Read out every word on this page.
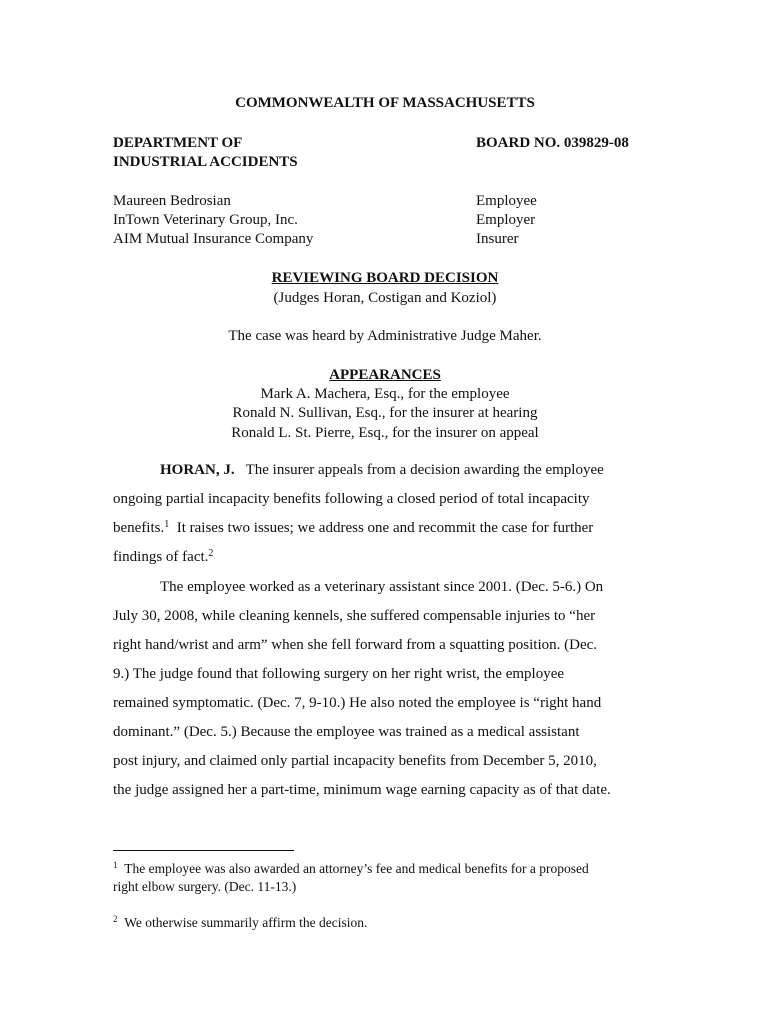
COMMONWEALTH OF MASSACHUSETTS
DEPARTMENT OF
INDUSTRIAL ACCIDENTS
BOARD NO. 039829-08
Maureen Bedrosian	Employee
InTown Veterinary Group, Inc.	Employer
AIM Mutual Insurance Company	Insurer
REVIEWING BOARD DECISION
(Judges Horan, Costigan and Koziol)
The case was heard by Administrative Judge Maher.
APPEARANCES
Mark A. Machera, Esq., for the employee
Ronald N. Sullivan, Esq., for the insurer at hearing
Ronald L. St. Pierre, Esq., for the insurer on appeal
HORAN, J. The insurer appeals from a decision awarding the employee
ongoing partial incapacity benefits following a closed period of total incapacity
benefits.$^1$ It raises two issues; we address one and recommit the case for further
findings of fact.$^2$
The employee worked as a veterinary assistant since 2001. (Dec. 5-6.) On
July 30, 2008, while cleaning kennels, she suffered compensable injuries to “her
right hand/wrist and arm” when she fell forward from a squatting position. (Dec.
9.) The judge found that following surgery on her right wrist, the employee
remained symptomatic. (Dec. 7, 9-10.) He also noted the employee is “right hand
dominant.” (Dec. 5.) Because the employee was trained as a medical assistant
post injury, and claimed only partial incapacity benefits from December 5, 2010,
the judge assigned her a part-time, minimum wage earning capacity as of that date.
$^1$ The employee was also awarded an attorney’s fee and medical benefits for a proposed
right elbow surgery. (Dec. 11-13.)
$^2$ We otherwise summarily affirm the decision.
